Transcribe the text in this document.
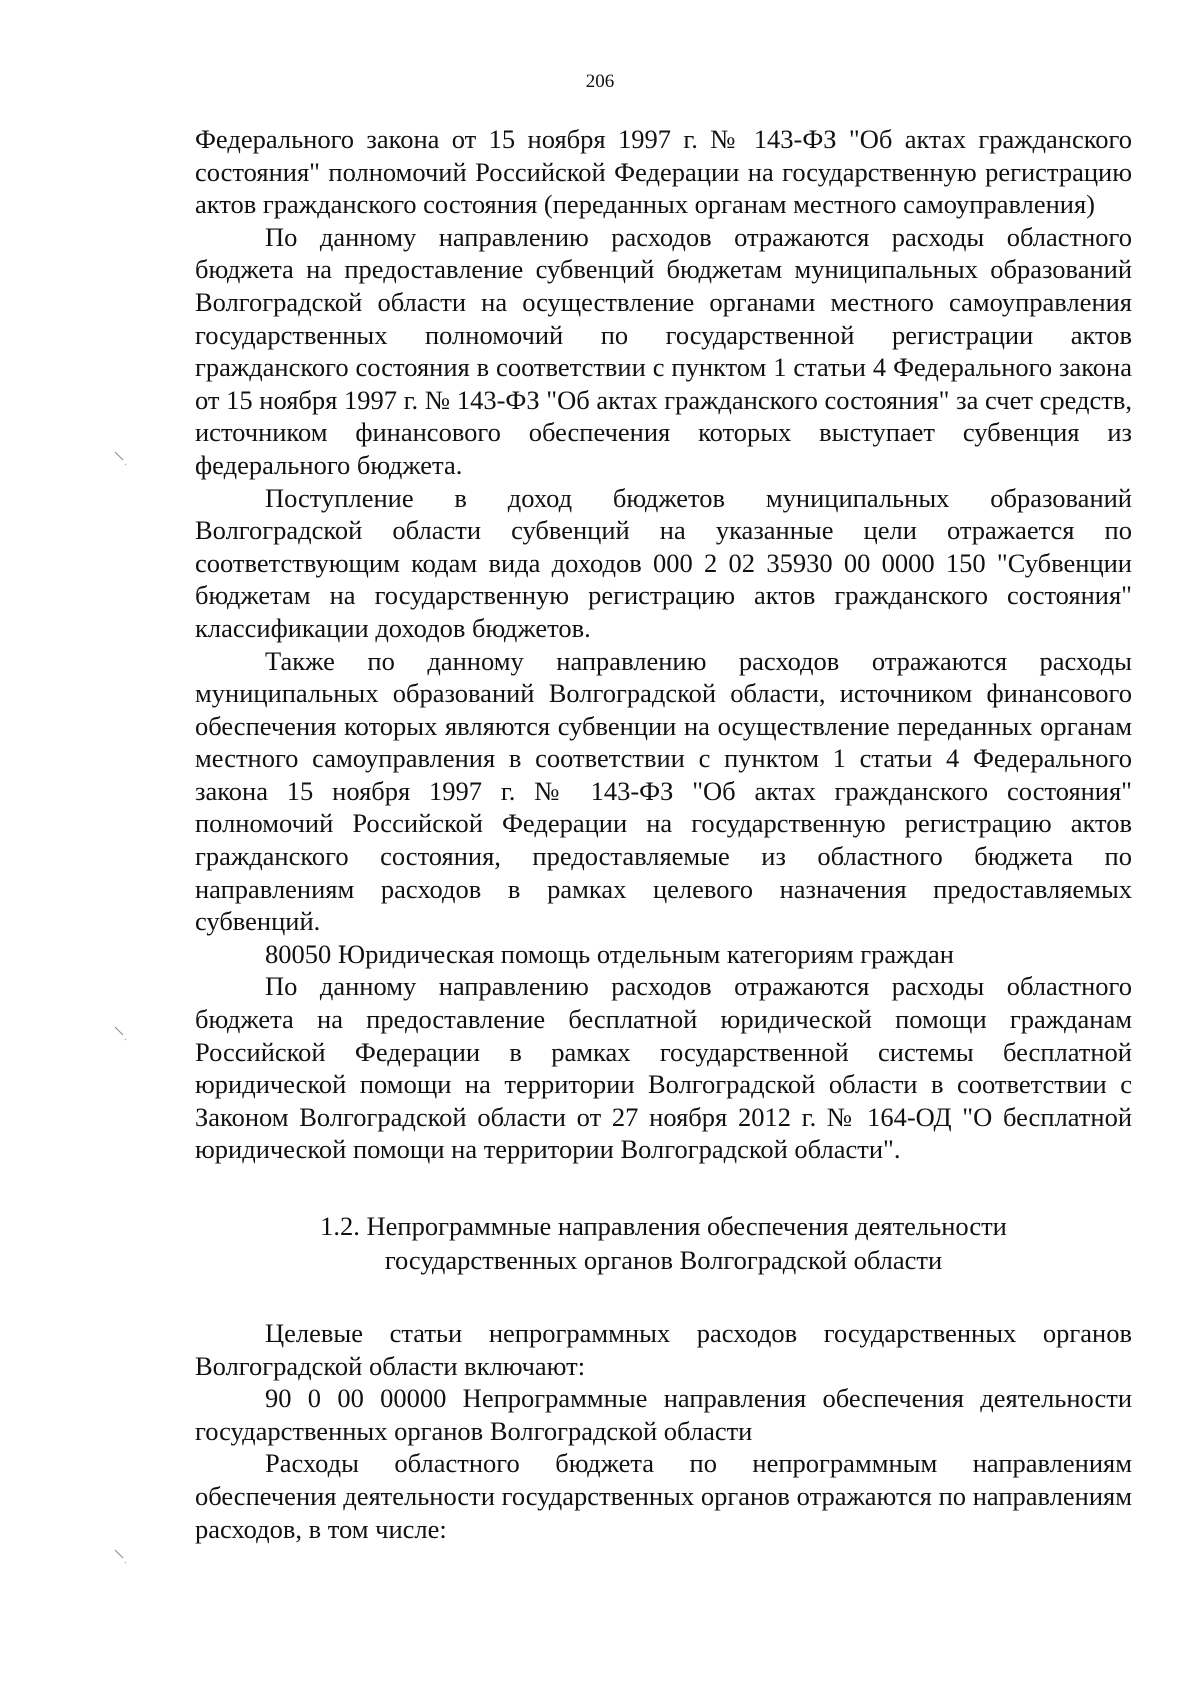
206

Федерального закона от 15 ноября 1997 г. № 143-ФЗ "Об актах гражданского состояния" полномочий Российской Федерации на государственную регистрацию актов гражданского состояния (переданных органам местного самоуправления)

По данному направлению расходов отражаются расходы областного бюджета на предоставление субвенций бюджетам муниципальных образований Волгоградской области на осуществление органами местного самоуправления государственных полномочий по государственной регистрации актов гражданского состояния в соответствии с пунктом 1 статьи 4 Федерального закона от 15 ноября 1997 г. № 143-ФЗ "Об актах гражданского состояния" за счет средств, источником финансового обеспечения которых выступает субвенция из федерального бюджета.

Поступление в доход бюджетов муниципальных образований Волгоградской области субвенций на указанные цели отражается по соответствующим кодам вида доходов 000 2 02 35930 00 0000 150 "Субвенции бюджетам на государственную регистрацию актов гражданского состояния" классификации доходов бюджетов.

Также по данному направлению расходов отражаются расходы муниципальных образований Волгоградской области, источником финансового обеспечения которых являются субвенции на осуществление переданных органам местного самоуправления в соответствии с пунктом 1 статьи 4 Федерального закона 15 ноября 1997 г. № 143-ФЗ "Об актах гражданского состояния" полномочий Российской Федерации на государственную регистрацию актов гражданского состояния, предоставляемые из областного бюджета по направлениям расходов в рамках целевого назначения предоставляемых субвенций.

80050 Юридическая помощь отдельным категориям граждан

По данному направлению расходов отражаются расходы областного бюджета на предоставление бесплатной юридической помощи гражданам Российской Федерации в рамках государственной системы бесплатной юридической помощи на территории Волгоградской области в соответствии с Законом Волгоградской области от 27 ноября 2012 г. № 164-ОД "О бесплатной юридической помощи на территории Волгоградской области".

1.2. Непрограммные направления обеспечения деятельности
государственных органов Волгоградской области

Целевые статьи непрограммных расходов государственных органов Волгоградской области включают:

90 0 00 00000 Непрограммные направления обеспечения деятельности государственных органов Волгоградской области

Расходы областного бюджета по непрограммным направлениям обеспечения деятельности государственных органов отражаются по направлениям расходов, в том числе:
